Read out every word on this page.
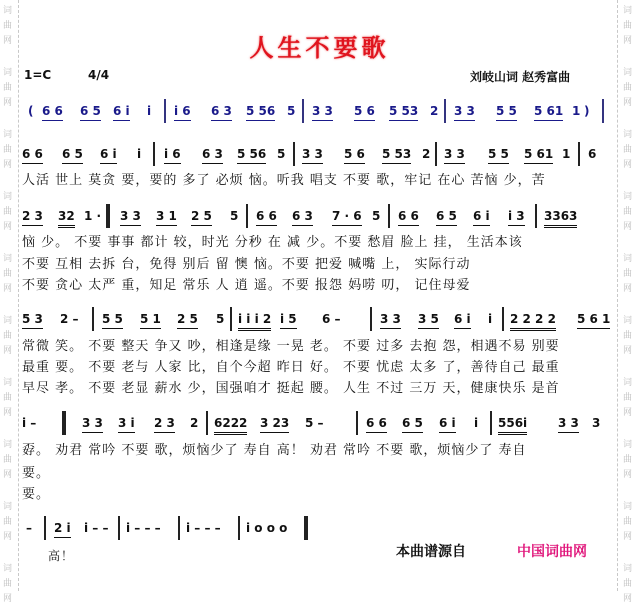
词
曲
网
词
曲
网
词
曲
网
词
曲
网
词
曲
网
词
曲
网
词
曲
网
词
曲
网
词
曲
网
词
曲
网
词
曲
网
词
曲
网
词
曲
网
词
曲
网
词
曲
网
词
曲
网
词
曲
网
词
曲
网
词
曲
网
词
曲
网
人生不要歌
1=C	4/4	刘岐山词 赵秀富曲
( 6 6 6 5 6 i i i 6 6 3 5 56 5 3 3 5 6 5 53 2 3 3 5 5 5 61 1 )
6 6 6 5 6 i i i 6 6 3 5 56 5 3 3 5 6 5 53 2 3 3 5 5 5 61 1 6
人活 世上 莫贪 要，要的 多了 必烦 恼。听我 唱支 不要 歌，牢记 在心 苦恼 少，苦
2 3 32 1 · 3 3 3 1 2 5 5 6 6 6 3 7 · 6 5 6 6 6 5 6 i i 3 3363
恼 少。 不要 事事 都计 较，时光 分秒 在 减 少。不要 愁眉 脸上 挂， 生活本该
不要 互相 去拆 台，免得 别后 留 懊 恼。不要 把爱 喊嘴 上， 实际行动
不要 贪心 太严 重，知足 常乐 人 逍 遥。不要 报怨 妈唠 叨， 记住母爱
5 3 2 – 5 5 5 1 2 5 5 i i i 2 i 5 6 –	3 3 3 5 6 i i 2 2 2 2 5 6 1
常微 笑。 不要 整天 争又 吵，相逢是缘 一晃 老。 不要 过多 去抱 怨，相遇不易 别要
最重 要。 不要 老与 人家 比，自个今超 昨日 好。 不要 忧虑 太多 了，善待自己 最重
早尽 孝。 不要 老显 薪水 少，国强咱才 挺起 腰。 人生 不过 三万 天，健康快乐 是首
i –	3 3 3 i 2 3 2 6222 3 23 5 –	6 6 6 5 6 i i 556i	3 3 3
孬。 劝君 常吟 不要 歌，烦恼少了 寿自 高！ 劝君 常吟 不要 歌，烦恼少了 寿自
要。
要。
– 2 i i – – i – – – i – – – i o o o
高！	本曲谱源自	中国词曲网
